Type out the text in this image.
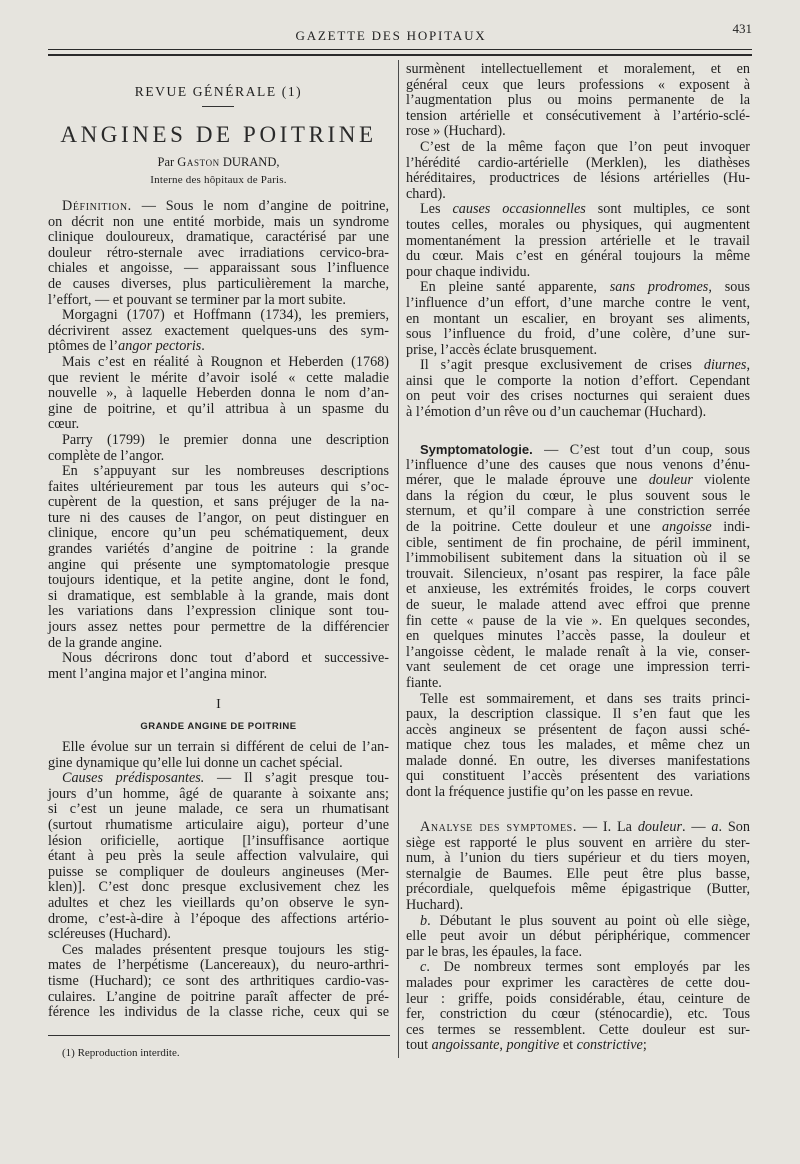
GAZETTE DES HOPITAUX	431
REVUE GÉNÉRALE (1)
ANGINES DE POITRINE
Par Gaston DURAND,
Interne des hôpitaux de Paris.
Définition. — Sous le nom d’angine de poitrine,
on décrit non une entité morbide, mais un syndrome
clinique douloureux, dramatique, caractérisé par une
douleur rétro-sternale avec irradiations cervico-bra-
chiales et angoisse, — apparaissant sous l’influence
de causes diverses, plus particulièrement la marche,
l’effort, — et pouvant se terminer par la mort subite.
Morgagni (1707) et Hoffmann (1734), les premiers,
décrivirent assez exactement quelques-uns des sym-
ptômes de l’angor pectoris.
Mais c’est en réalité à Rougnon et Heberden (1768)
que revient le mérite d’avoir isolé « cette maladie
nouvelle », à laquelle Heberden donna le nom d’an-
gine de poitrine, et qu’il attribua à un spasme du
cœur.
Parry (1799) le premier donna une description
complète de l’angor.
En s’appuyant sur les nombreuses descriptions
faites ultérieurement par tous les auteurs qui s’oc-
cupèrent de la question, et sans préjuger de la na-
ture ni des causes de l’angor, on peut distinguer en
clinique, encore qu’un peu schématiquement, deux
grandes variétés d’angine de poitrine : la grande
angine qui présente une symptomatologie presque
toujours identique, et la petite angine, dont le fond,
si dramatique, est semblable à la grande, mais dont
les variations dans l’expression clinique sont tou-
jours assez nettes pour permettre de la différencier
de la grande angine.
Nous décrirons donc tout d’abord et successive-
ment l’angina major et l’angina minor.
I
GRANDE ANGINE DE POITRINE
Elle évolue sur un terrain si différent de celui de l’an-
gine dynamique qu’elle lui donne un cachet spécial.
Causes prédisposantes. — Il s’agit presque tou-
jours d’un homme, âgé de quarante à soixante ans;
si c’est un jeune malade, ce sera un rhumatisant
(surtout rhumatisme articulaire aigu), porteur d’une
lésion orificielle, aortique [l’insuffisance aortique
étant à peu près la seule affection valvulaire, qui
puisse se compliquer de douleurs angineuses (Mer-
klen)]. C’est donc presque exclusivement chez les
adultes et chez les vieillards qu’on observe le syn-
drome, c’est-à-dire à l’époque des affections artério-
scléreuses (Huchard).
Ces malades présentent presque toujours les stig-
mates de l’herpétisme (Lancereaux), du neuro-arthri-
tisme (Huchard); ce sont des arthritiques cardio-vas-
culaires. L’angine de poitrine paraît affecter de pré-
férence les individus de la classe riche, ceux qui se
(1) Reproduction interdite.
surmènent intellectuellement et moralement, et en
général ceux que leurs professions « exposent à
l’augmentation plus ou moins permanente de la
tension artérielle et consécutivement à l’artério-sclé-
rose » (Huchard).
C’est de la même façon que l’on peut invoquer
l’hérédité cardio-artérielle (Merklen), les diathèses
héréditaires, productrices de lésions artérielles (Hu-
chard).
Les causes occasionnelles sont multiples, ce sont
toutes celles, morales ou physiques, qui augmentent
momentanément la pression artérielle et le travail
du cœur. Mais c’est en général toujours la même
pour chaque individu.
En pleine santé apparente, sans prodromes, sous
l’influence d’un effort, d’une marche contre le vent,
en montant un escalier, en broyant ses aliments,
sous l’influence du froid, d’une colère, d’une sur-
prise, l’accès éclate brusquement.
Il s’agit presque exclusivement de crises diurnes,
ainsi que le comporte la notion d’effort. Cependant
on peut voir des crises nocturnes qui seraient dues
à l’émotion d’un rêve ou d’un cauchemar (Huchard).
Symptomatologie. — C’est tout d’un coup, sous
l’influence d’une des causes que nous venons d’énu-
mérer, que le malade éprouve une douleur violente
dans la région du cœur, le plus souvent sous le
sternum, et qu’il compare à une constriction serrée
de la poitrine. Cette douleur et une angoisse indi-
cible, sentiment de fin prochaine, de péril imminent,
l’immobilisent subitement dans la situation où il se
trouvait. Silencieux, n’osant pas respirer, la face pâle
et anxieuse, les extrémités froides, le corps couvert
de sueur, le malade attend avec effroi que prenne
fin cette « pause de la vie ». En quelques secondes,
en quelques minutes l’accès passe, la douleur et
l’angoisse cèdent, le malade renaît à la vie, conser-
vant seulement de cet orage une impression terri-
fiante.
Telle est sommairement, et dans ses traits princi-
paux, la description classique. Il s’en faut que les
accès angineux se présentent de façon aussi sché-
matique chez tous les malades, et même chez un
malade donné. En outre, les diverses manifestations
qui constituent l’accès présentent des variations
dont la fréquence justifie qu’on les passe en revue.
Analyse des symptomes. — I. La douleur. — a. Son
siège est rapporté le plus souvent en arrière du ster-
num, à l’union du tiers supérieur et du tiers moyen,
sternalgie de Baumes. Elle peut être plus basse,
précordiale, quelquefois même épigastrique (Butter,
Huchard).
b. Débutant le plus souvent au point où elle siège,
elle peut avoir un début périphérique, commencer
par le bras, les épaules, la face.
c. De nombreux termes sont employés par les
malades pour exprimer les caractères de cette dou-
leur : griffe, poids considérable, étau, ceinture de
fer, constriction du cœur (sténocardie), etc. Tous
ces termes se ressemblent. Cette douleur est sur-
tout angoissante, pongitive et constrictive;
